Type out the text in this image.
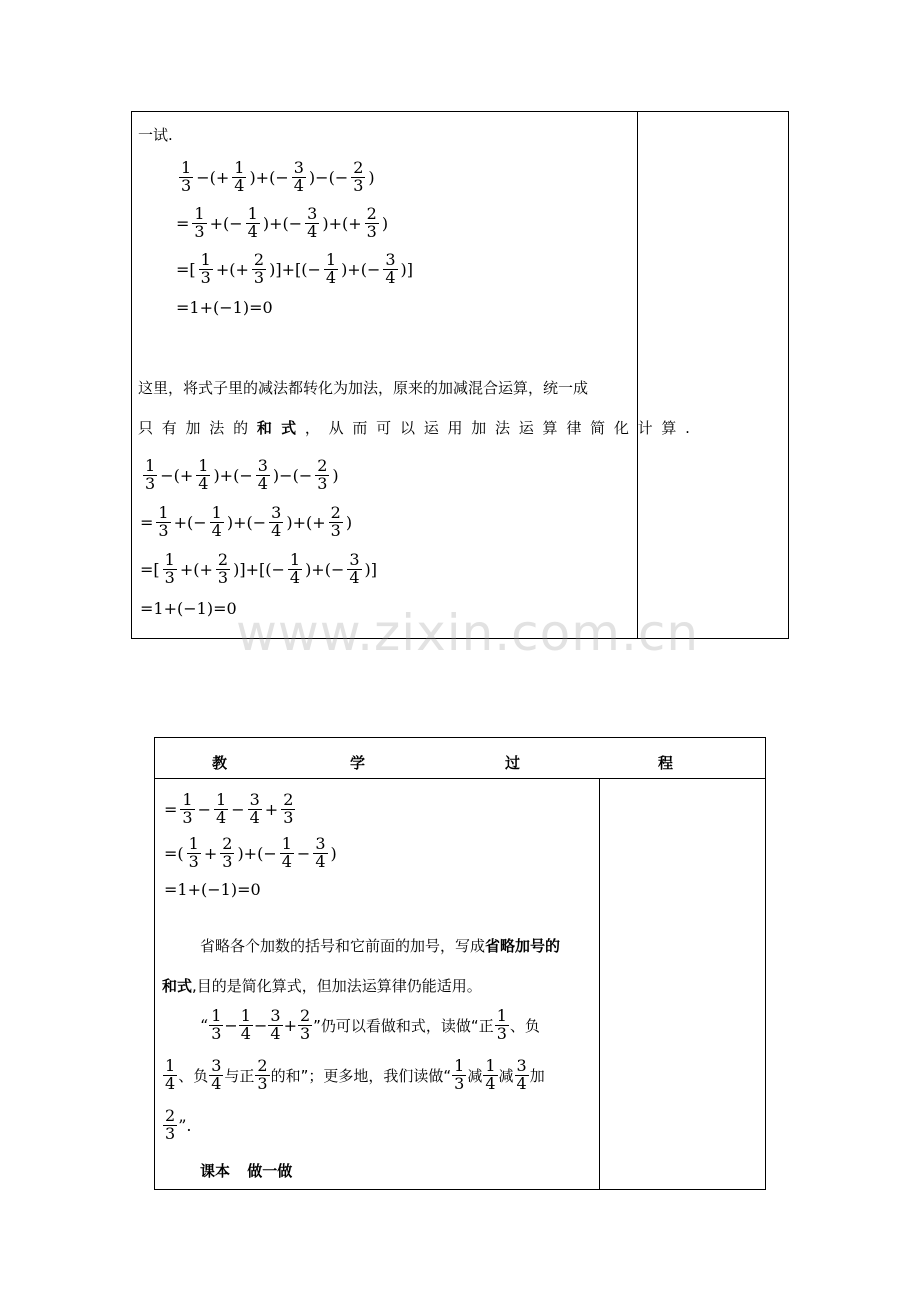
一试.
$\frac{1}{3}$ −(+ $\frac{1}{4}$ )+(− $\frac{3}{4}$ )−(− $\frac{2}{3}$ )
= $\frac{1}{3}$ +(− $\frac{1}{4}$ )+(− $\frac{3}{4}$ )+(+ $\frac{2}{3}$ )
=[ $\frac{1}{3}$ +(+ $\frac{2}{3}$ )]+[(− $\frac{1}{4}$ )+(− $\frac{3}{4}$ )]
=1+(−1)=0
这里，将式子里的减法都转化为加法，原来的加减混合运算，统一成
只 有 加 法 的 和 式 ， 从 而 可 以 运 用 加 法 运 算 律 简 化 计 算 .
$\frac{1}{3}$ −(+ $\frac{1}{4}$ )+(− $\frac{3}{4}$ )−(− $\frac{2}{3}$ )
= $\frac{1}{3}$ +(− $\frac{1}{4}$ )+(− $\frac{3}{4}$ )+(+ $\frac{2}{3}$ )
=[ $\frac{1}{3}$ +(+ $\frac{2}{3}$ )]+[(− $\frac{1}{4}$ )+(− $\frac{3}{4}$ )]
=1+(−1)=0 www.zixin.com.cn
教	学	过	程
= $\frac{1}{3} - \frac{1}{4} - \frac{3}{4} + \frac{2}{3}$
=( $\frac{1}{3} + \frac{2}{3}$ )+(− $\frac{1}{4} - \frac{3}{4}$ )
=1+(−1)=0
省略各个加数的括号和它前面的加号，写成省略加号的
和式,目的是简化算式，但加法运算律仍能适用。
“ $\frac{1}{3} - \frac{1}{4} - \frac{3}{4} + \frac{2}{3}$ ”仍可以看做和式，读做“正 $\frac{1}{3}$ 、负
$\frac{1}{4}$ 、负 $\frac{3}{4}$ 与正 $\frac{2}{3}$ 的和”；更多地，我们读做“ $\frac{1}{3}$ 减 $\frac{1}{4}$ 减 $\frac{3}{4}$ 加
$\frac{2}{3}$ ”.
课本 做一做
